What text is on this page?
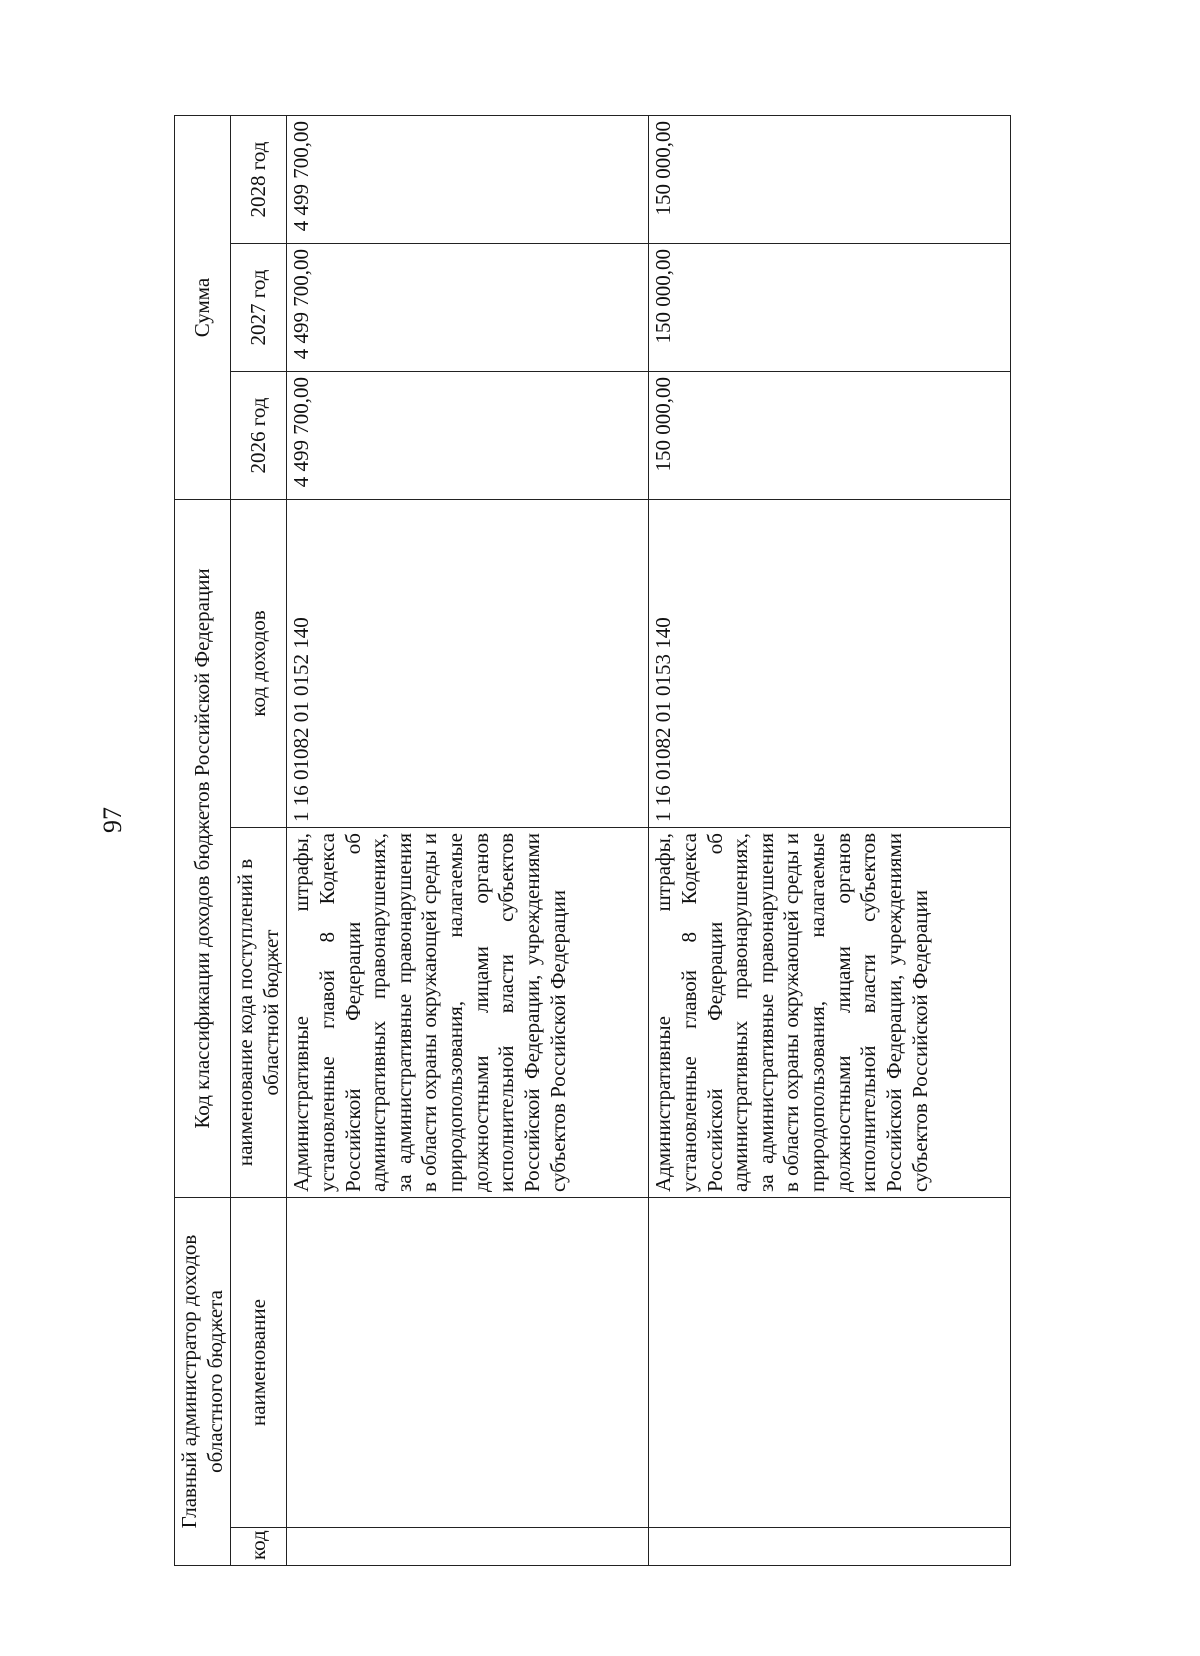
97
Главный администратор доходов областного бюджета		Код классификации доходов бюджетов Российской Федерации		Сумма		
код	наименование	наименование кода поступлений в областной бюджет	код доходов	2026 год	2027 год	2028 год
		Административные штрафы, установленные главой 8 Кодекса Российской Федерации об административных правонарушениях, за административные правонарушения в области охраны окружающей среды и природопользования, налагаемые должностными лицами органов исполнительной власти субъектов Российской Федерации, учреждениями субъектов Российской Федерации	1 16 01082 01 0152 140	4 499 700,00	4 499 700,00	4 499 700,00
		Административные штрафы, установленные главой 8 Кодекса Российской Федерации об административных правонарушениях, за административные правонарушения в области охраны окружающей среды и природопользования, налагаемые должностными лицами органов исполнительной власти субъектов Российской Федерации, учреждениями субъектов Российской Федерации	1 16 01082 01 0153 140	150 000,00	150 000,00	150 000,00
